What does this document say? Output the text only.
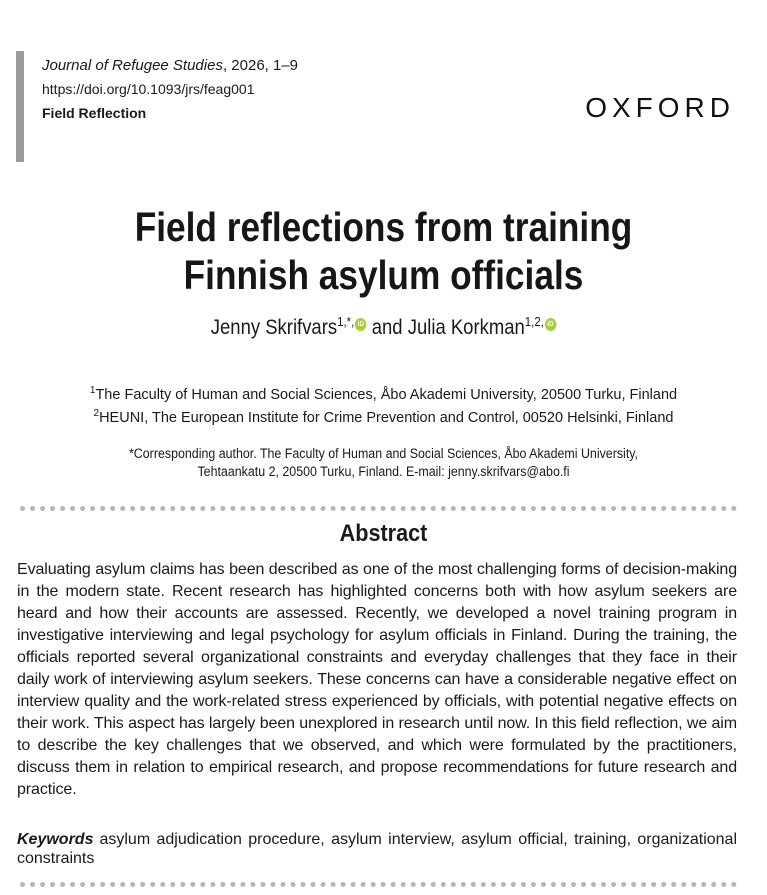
Journal of Refugee Studies, 2026, 1–9
https://doi.org/10.1093/jrs/feag001
Field Reflection	OXFORD
Field reflections from training Finnish asylum officials
Jenny Skrifvars$^{1,*,}$ iD and Julia Korkman$^{1,2,}$ iD
$^1$The Faculty of Human and Social Sciences, Åbo Akademi University, 20500 Turku, Finland
$^2$HEUNI, The European Institute for Crime Prevention and Control, 00520 Helsinki, Finland
*Corresponding author. The Faculty of Human and Social Sciences, Åbo Akademi University, Tehtaankatu 2, 20500 Turku, Finland. E-mail: jenny.skrifvars@abo.fi
Abstract
Evaluating asylum claims has been described as one of the most challenging forms of decision-making in the modern state. Recent research has highlighted concerns both with how asylum seekers are heard and how their accounts are assessed. Recently, we developed a novel training program in investigative interviewing and legal psychology for asylum officials in Finland. During the training, the officials reported several organizational constraints and everyday challenges that they face in their daily work of interviewing asylum seekers. These concerns can have a considerable negative effect on interview quality and the work-related stress experienced by officials, with potential negative effects on their work. This aspect has largely been unexplored in research until now. In this field reflection, we aim to describe the key challenges that we observed, and which were formulated by the practitioners, discuss them in relation to empirical research, and propose recommendations for future research and practice.
Keywords asylum adjudication procedure, asylum interview, asylum official, training, organizational constraints
